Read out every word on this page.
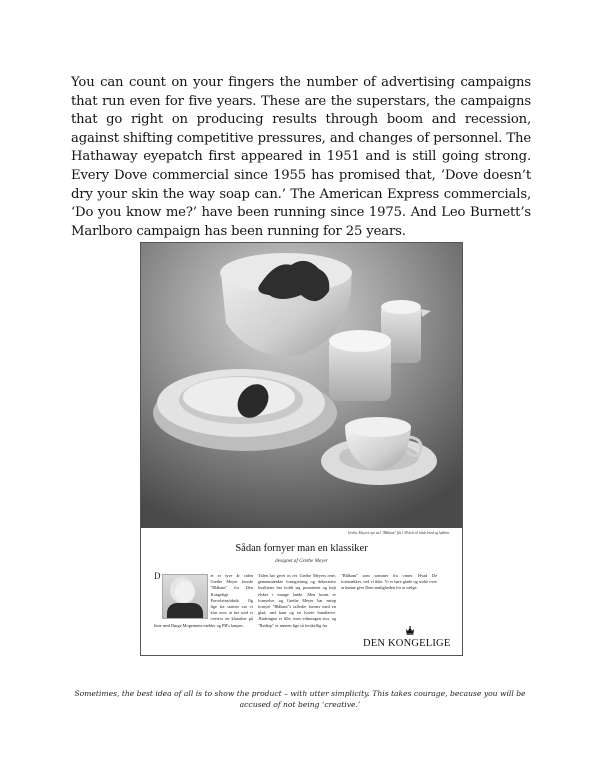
You can count on your fingers the number of advertising campaigns that run even for five years. These are the superstars, the campaigns that go right on producing results through boom and recession, against shifting competitive pressures, and changes of personnel. The Hathaway eyepatch first appeared in 1951 and is still going strong. Every Dove commercial since 1955 has promised that, ‘Dove doesn’t dry your skin the way soap can.’ The American Express commercials, ‘Do you know me?’ have been running since 1975. And Leo Burnett’s Marlboro campaign has been running for 25 years.
Grethe Meyers nye stel "Blåkant" fås i 38 dele til både bord og køkken.
Sådan fornyer man en klassiker
designet af Grethe Meyer
D	et er tyve år siden Grethe Meyer lavede "Blåkant" for Den Kongelige Porcelainsfabrik. Og lige fra starten var vi klar over, at her stod vi overfor en klassiker på linie med Børge Mogensens møbler og PH's lamper.
Tiden har givet os ret. Grethe Meyers rene, gennemtænkte formgivning og dekorative kvaliteter har holdt sig prominent og højt elsket i mange lande. Men kunst er fornyelse, og Grethe Meyer har netop fornyet "Blåkant"s tallerke former med en glad, ned kant og en lysere bundfarve. Ændringen er lille, men virkningen stor, og "Rødtop" er næsten lige så forskellig fra
"Blåkant" som sommer fra vinter. Hvad De foretrækker, ved vi ikke. Vi er bare glade og stolte over at kunne give Dem muligheden for at vælge.
DEN KONGELIGE
Sometimes, the best idea of all is to show the product – with utter simplicity. This takes courage, because you will be accused of not being ‘creative.’
